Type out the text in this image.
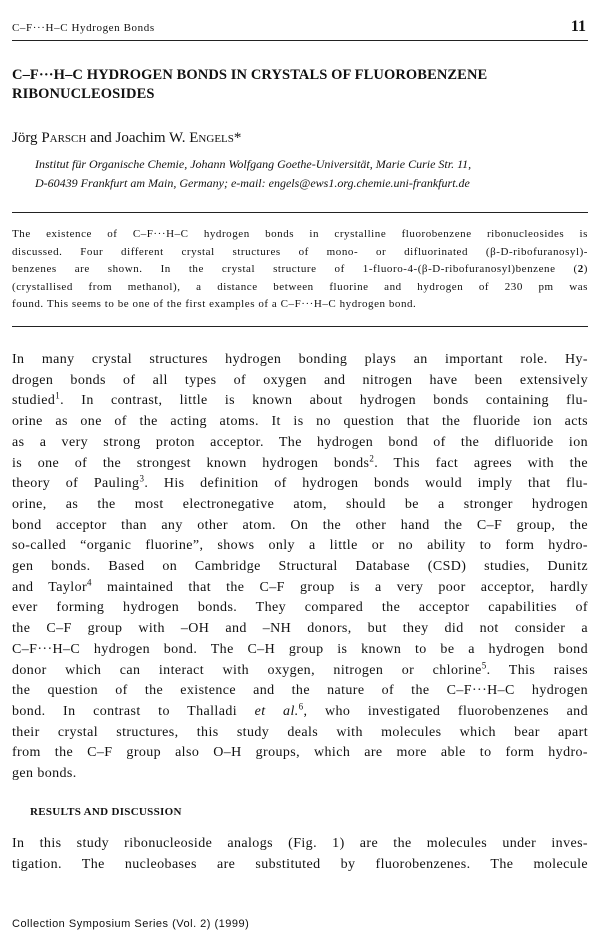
C–F···H–C Hydrogen Bonds	11
C–F···H–C HYDROGEN BONDS IN CRYSTALS OF FLUOROBENZENE
RIBONUCLEOSIDES
Jörg Parsch and Joachim W. Engels*
Institut für Organische Chemie, Johann Wolfgang Goethe-Universität, Marie Curie Str. 11,
D-60439 Frankfurt am Main, Germany; e-mail: engels@ews1.org.chemie.uni-frankfurt.de
The existence of C–F···H–C hydrogen bonds in crystalline fluorobenzene ribonucleosides is
discussed. Four different crystal structures of mono- or difluorinated (β-D-ribofuranosyl)-
benzenes are shown. In the crystal structure of 1-fluoro-4-(β-D-ribofuranosyl)benzene (2)
(crystallised from methanol), a distance between fluorine and hydrogen of 230 pm was
found. This seems to be one of the first examples of a C–F···H–C hydrogen bond.
In many crystal structures hydrogen bonding plays an important role. Hy-
drogen bonds of all types of oxygen and nitrogen have been extensively
studied$^1$. In contrast, little is known about hydrogen bonds containing flu-
orine as one of the acting atoms. It is no question that the fluoride ion acts
as a very strong proton acceptor. The hydrogen bond of the difluoride ion
is one of the strongest known hydrogen bonds$^2$. This fact agrees with the
theory of Pauling$^3$. His definition of hydrogen bonds would imply that flu-
orine, as the most electronegative atom, should be a stronger hydrogen
bond acceptor than any other atom. On the other hand the C–F group, the
so-called “organic fluorine”, shows only a little or no ability to form hydro-
gen bonds. Based on Cambridge Structural Database (CSD) studies, Dunitz
and Taylor$^4$ maintained that the C–F group is a very poor acceptor, hardly
ever forming hydrogen bonds. They compared the acceptor capabilities of
the C–F group with –OH and –NH donors, but they did not consider a
C–F···H–C hydrogen bond. The C–H group is known to be a hydrogen bond
donor which can interact with oxygen, nitrogen or chlorine$^5$. This raises
the question of the existence and the nature of the C–F···H–C hydrogen
bond. In contrast to Thalladi et al.$^6$, who investigated fluorobenzenes and
their crystal structures, this study deals with molecules which bear apart
from the C–F group also O–H groups, which are more able to form hydro-
gen bonds.
RESULTS AND DISCUSSION
In this study ribonucleoside analogs (Fig. 1) are the molecules under inves-
tigation. The nucleobases are substituted by fluorobenzenes. The molecule
Collection Symposium Series (Vol. 2) (1999)
